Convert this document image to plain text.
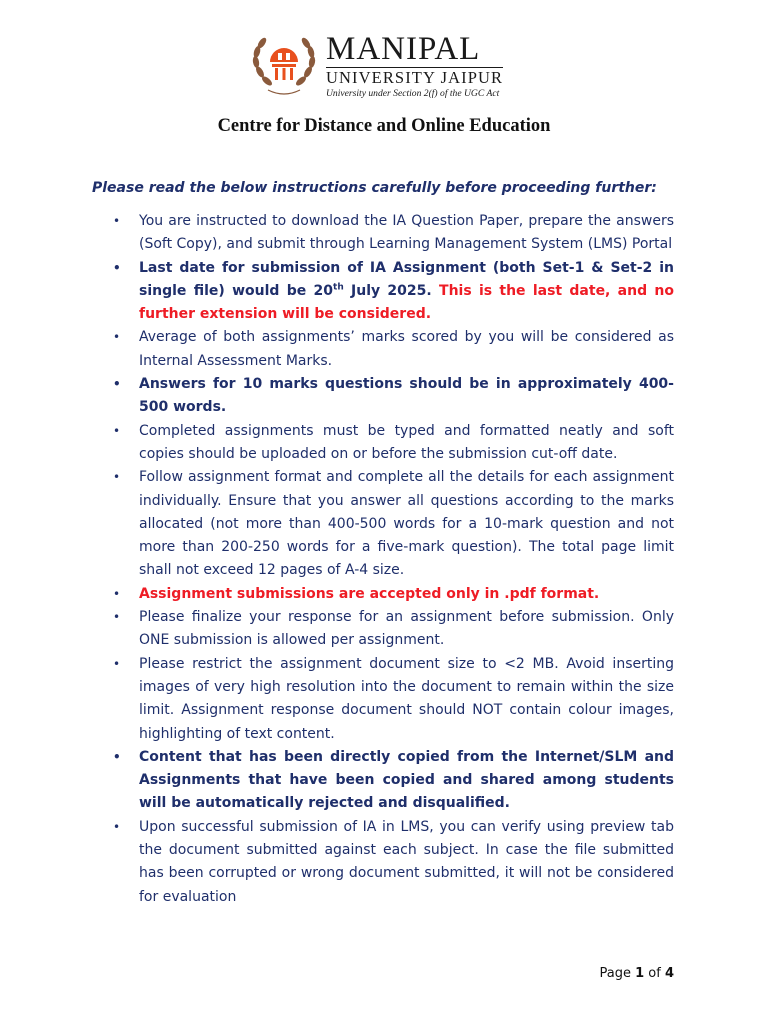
MANIPAL
UNIVERSITY JAIPUR
University under Section 2(f) of the UGC Act
Centre for Distance and Online Education
Please read the below instructions carefully before proceeding further:
• You are instructed to download the IA Question Paper, prepare the answers (Soft Copy), and submit through Learning Management System (LMS) Portal
• Last date for submission of IA Assignment (both Set-1 & Set-2 in single file) would be 20th July 2025. This is the last date, and no further extension will be considered.
• Average of both assignments’ marks scored by you will be considered as Internal Assessment Marks.
• Answers for 10 marks questions should be in approximately 400-500 words.
• Completed assignments must be typed and formatted neatly and soft copies should be uploaded on or before the submission cut-off date.
• Follow assignment format and complete all the details for each assignment individually. Ensure that you answer all questions according to the marks allocated (not more than 400-500 words for a 10-mark question and not more than 200-250 words for a five-mark question). The total page limit shall not exceed 12 pages of A-4 size.
• Assignment submissions are accepted only in .pdf format.
• Please finalize your response for an assignment before submission. Only ONE submission is allowed per assignment.
• Please restrict the assignment document size to <2 MB. Avoid inserting images of very high resolution into the document to remain within the size limit. Assignment response document should NOT contain colour images, highlighting of text content.
• Content that has been directly copied from the Internet/SLM and Assignments that have been copied and shared among students will be automatically rejected and disqualified.
• Upon successful submission of IA in LMS, you can verify using preview tab the document submitted against each subject. In case the file submitted has been corrupted or wrong document submitted, it will not be considered for evaluation
Page 1 of 4
